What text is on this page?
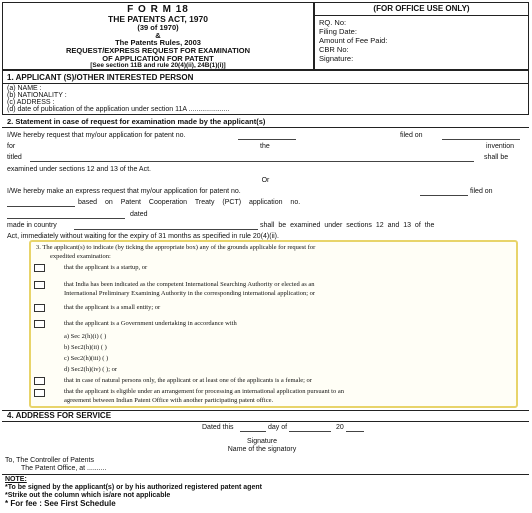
F O R M 18
THE PATENTS ACT, 1970
(39 of 1970)
&
The Patents Rules, 2003
REQUEST/EXPRESS REQUEST FOR EXAMINATION
OF APPLICATION FOR PATENT
[See section 11B and rule 20(4)(ii), 24B(1)(i)]
(FOR OFFICE USE ONLY)
RQ. No:
Filing Date:
Amount of Fee Paid:
CBR No:
Signature:
1. APPLICANT (S)/OTHER INTERESTED PERSON
(a) NAME :
(b) NATIONALITY :
(c) ADDRESS :
(d) date of publication of the application under section 11A .....................
2. Statement in case of request for examination made by the applicant(s)
I/We hereby request that my/our application for patent no.	filed on
for	the	invention
titled	shall be
examined under sections 12 and 13 of the Act.
Or
I/We hereby make an express request that my/our application for patent no.	filed on
based on Patent Cooperation Treaty (PCT) application no.
dated
made in country	shall be examined under sections 12 and 13 of the
Act, immediately without waiting for the expiry of 31 months as specified in rule 20(4)(ii).
3. The applicant(s) to indicate (by ticking the appropriate box) any of the grounds applicable for request for
expedited examination:
that the applicant is a startup, or
that India has been indicated as the competent International Searching Authority or elected as an
International Preliminary Examining Authority in the corresponding international application; or
that the applicant is a small entity; or
that the applicant is a Government undertaking in accordance with
a) Sec 2(h)(i) ( )
b) Sec2(h)(ii) ( )
c) Sec2(h)(iii) ( )
d) Sec2(h)(iv) ( ); or
that in case of natural persons only, the applicant or at least one of the applicants is a female; or
that the applicant is eligible under an arrangement for processing an international application pursuant to an
agreement between Indian Patent Office with another participating patent office.
4. ADDRESS FOR SERVICE
Dated this	day of	20
Signature
Name of the signatory
To, The Controller of Patents
The Patent Office, at ..........
NOTE:
*To be signed by the applicant(s) or by his authorized registered patent agent
*Strike out the column which is/are not applicable
* For fee : See First Schedule
